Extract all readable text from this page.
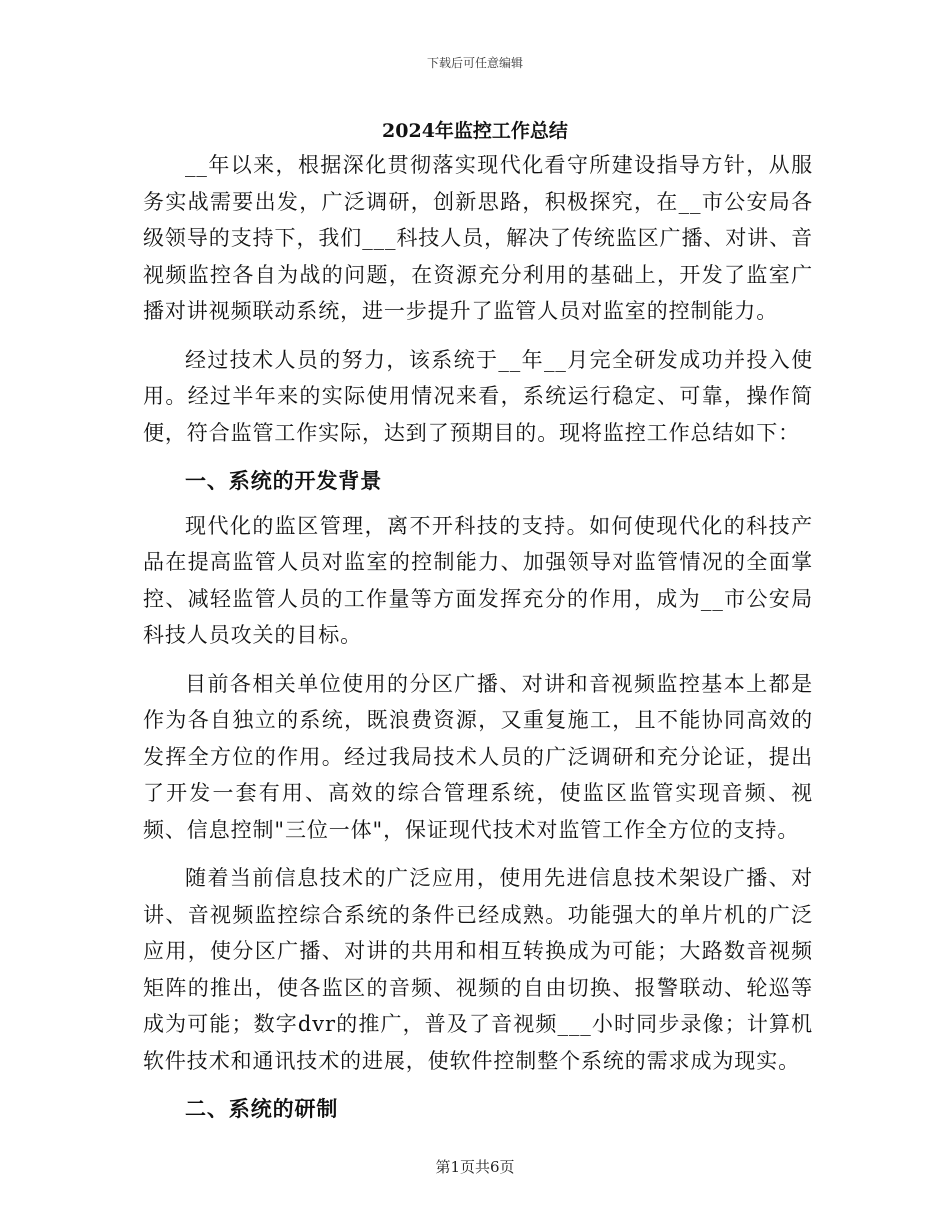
下载后可任意编辑
2024年监控工作总结

__年以来，根据深化贯彻落实现代化看守所建设指导方针，从服务实战需要出发，广泛调研，创新思路，积极探究，在__市公安局各级领导的支持下，我们___科技人员，解决了传统监区广播、对讲、音视频监控各自为战的问题，在资源充分利用的基础上，开发了监室广播对讲视频联动系统，进一步提升了监管人员对监室的控制能力。

经过技术人员的努力，该系统于__年__月完全研发成功并投入使用。经过半年来的实际使用情况来看，系统运行稳定、可靠，操作简便，符合监管工作实际，达到了预期目的。现将监控工作总结如下：

一、系统的开发背景

现代化的监区管理，离不开科技的支持。如何使现代化的科技产品在提高监管人员对监室的控制能力、加强领导对监管情况的全面掌控、减轻监管人员的工作量等方面发挥充分的作用，成为__市公安局科技人员攻关的目标。

目前各相关单位使用的分区广播、对讲和音视频监控基本上都是作为各自独立的系统，既浪费资源，又重复施工，且不能协同高效的发挥全方位的作用。经过我局技术人员的广泛调研和充分论证，提出了开发一套有用、高效的综合管理系统，使监区监管实现音频、视频、信息控制"三位一体"，保证现代技术对监管工作全方位的支持。

随着当前信息技术的广泛应用，使用先进信息技术架设广播、对讲、音视频监控综合系统的条件已经成熟。功能强大的单片机的广泛应用，使分区广播、对讲的共用和相互转换成为可能；大路数音视频矩阵的推出，使各监区的音频、视频的自由切换、报警联动、轮巡等成为可能；数字dvr的推广，普及了音视频___小时同步录像；计算机软件技术和通讯技术的进展，使软件控制整个系统的需求成为现实。

二、系统的研制
第1页共6页
